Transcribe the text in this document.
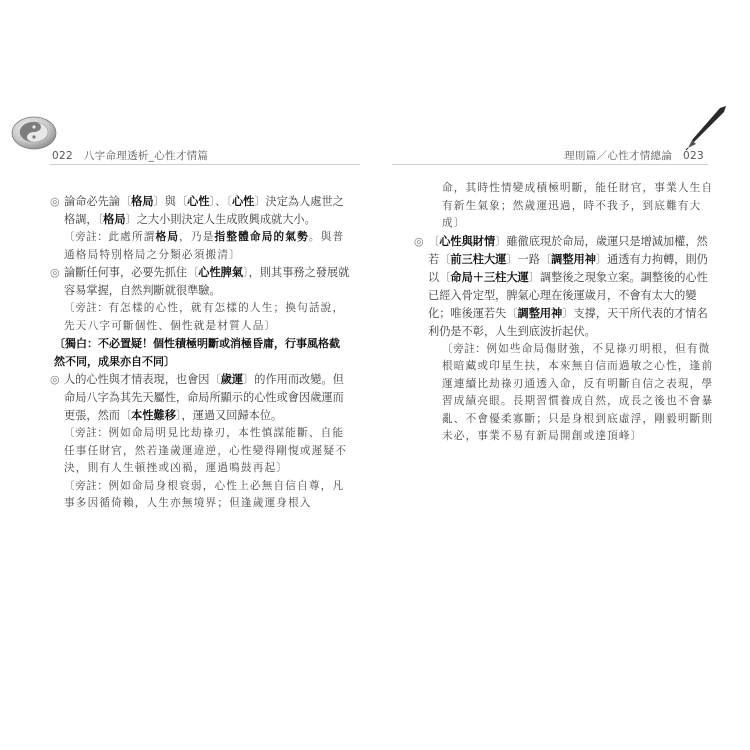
022 八字命理透析_心性才情篇	理則篇／心性才情總論 023
◎ 論命必先論〔格局〕與〔心性〕、〔心性〕決定為人處世之格調，〔格局〕之大小則決定人生成敗興成就大小。
〔旁註：此處所謂格局，乃是指整體命局的氣勢。與普通格局特別格局之分類必須搬清〕
◎ 論斷任何事，必要先抓住〔心性脾氣〕，則其事務之發展就容易掌握，自然判斷就很準驗。
〔旁註：有怎樣的心性，就有怎樣的人生；換句話說，先天八字可斷個性、個性就是材質人品〕
〔獨白：不必置疑！個性積極明斷或消極昏庸，行事風格截然不同，成果亦自不同〕
◎ 人的心性與才情表現，也會因〔歲運〕的作用而改變。但命局八字為其先天屬性，命局所顯示的心性或會因歲運而更張，然而〔本性難移〕，運過又回歸本位。
〔旁註：例如命局明見比劫祿刃，本性慎謀能斷、自能任事任財官，然若逢歲運違逆，心性變得剛愎或遲疑不決，則有人生頓挫或凶禍，運過鳴鼓再起〕
〔旁註：例如命局身根衰弱，心性上必無自信自尊，凡事多因循倚賴，人生亦無境界；但逢歲運身根入
命，其時性情變成積極明斷，能任財官，事業人生自有新生氣象；然歲運迅過，時不我予，到底難有大成〕
◎ 〔心性與財情〕雖徹底現於命局，歲運只是增減加權，然若〔前三柱大運〕一路〔調整用神〕通透有力拘轉，則仍以〔命局＋三柱大運〕調整後之現象立案。調整後的心性已經入骨定型，脾氣心理在後運歲月，不會有太大的變化；唯後運若失〔調整用神〕支撐，天干所代表的才情名利仍是不彰，人生到底波折起伏。
〔旁註：例如些命局傷財強，不見祿刃明根，但有微根暗藏或印星生扶，本來無自信而過敏之心性，逢前運連續比劫祿刃通透入命，反有明斷自信之表現，學習成績亮眼。長期習慣養成自然，成長之後也不會暴亂、不會優柔寡斷；只是身根到底虛浮，剛毅明斷則未必，事業不易有新局開創或達頂峰〕
